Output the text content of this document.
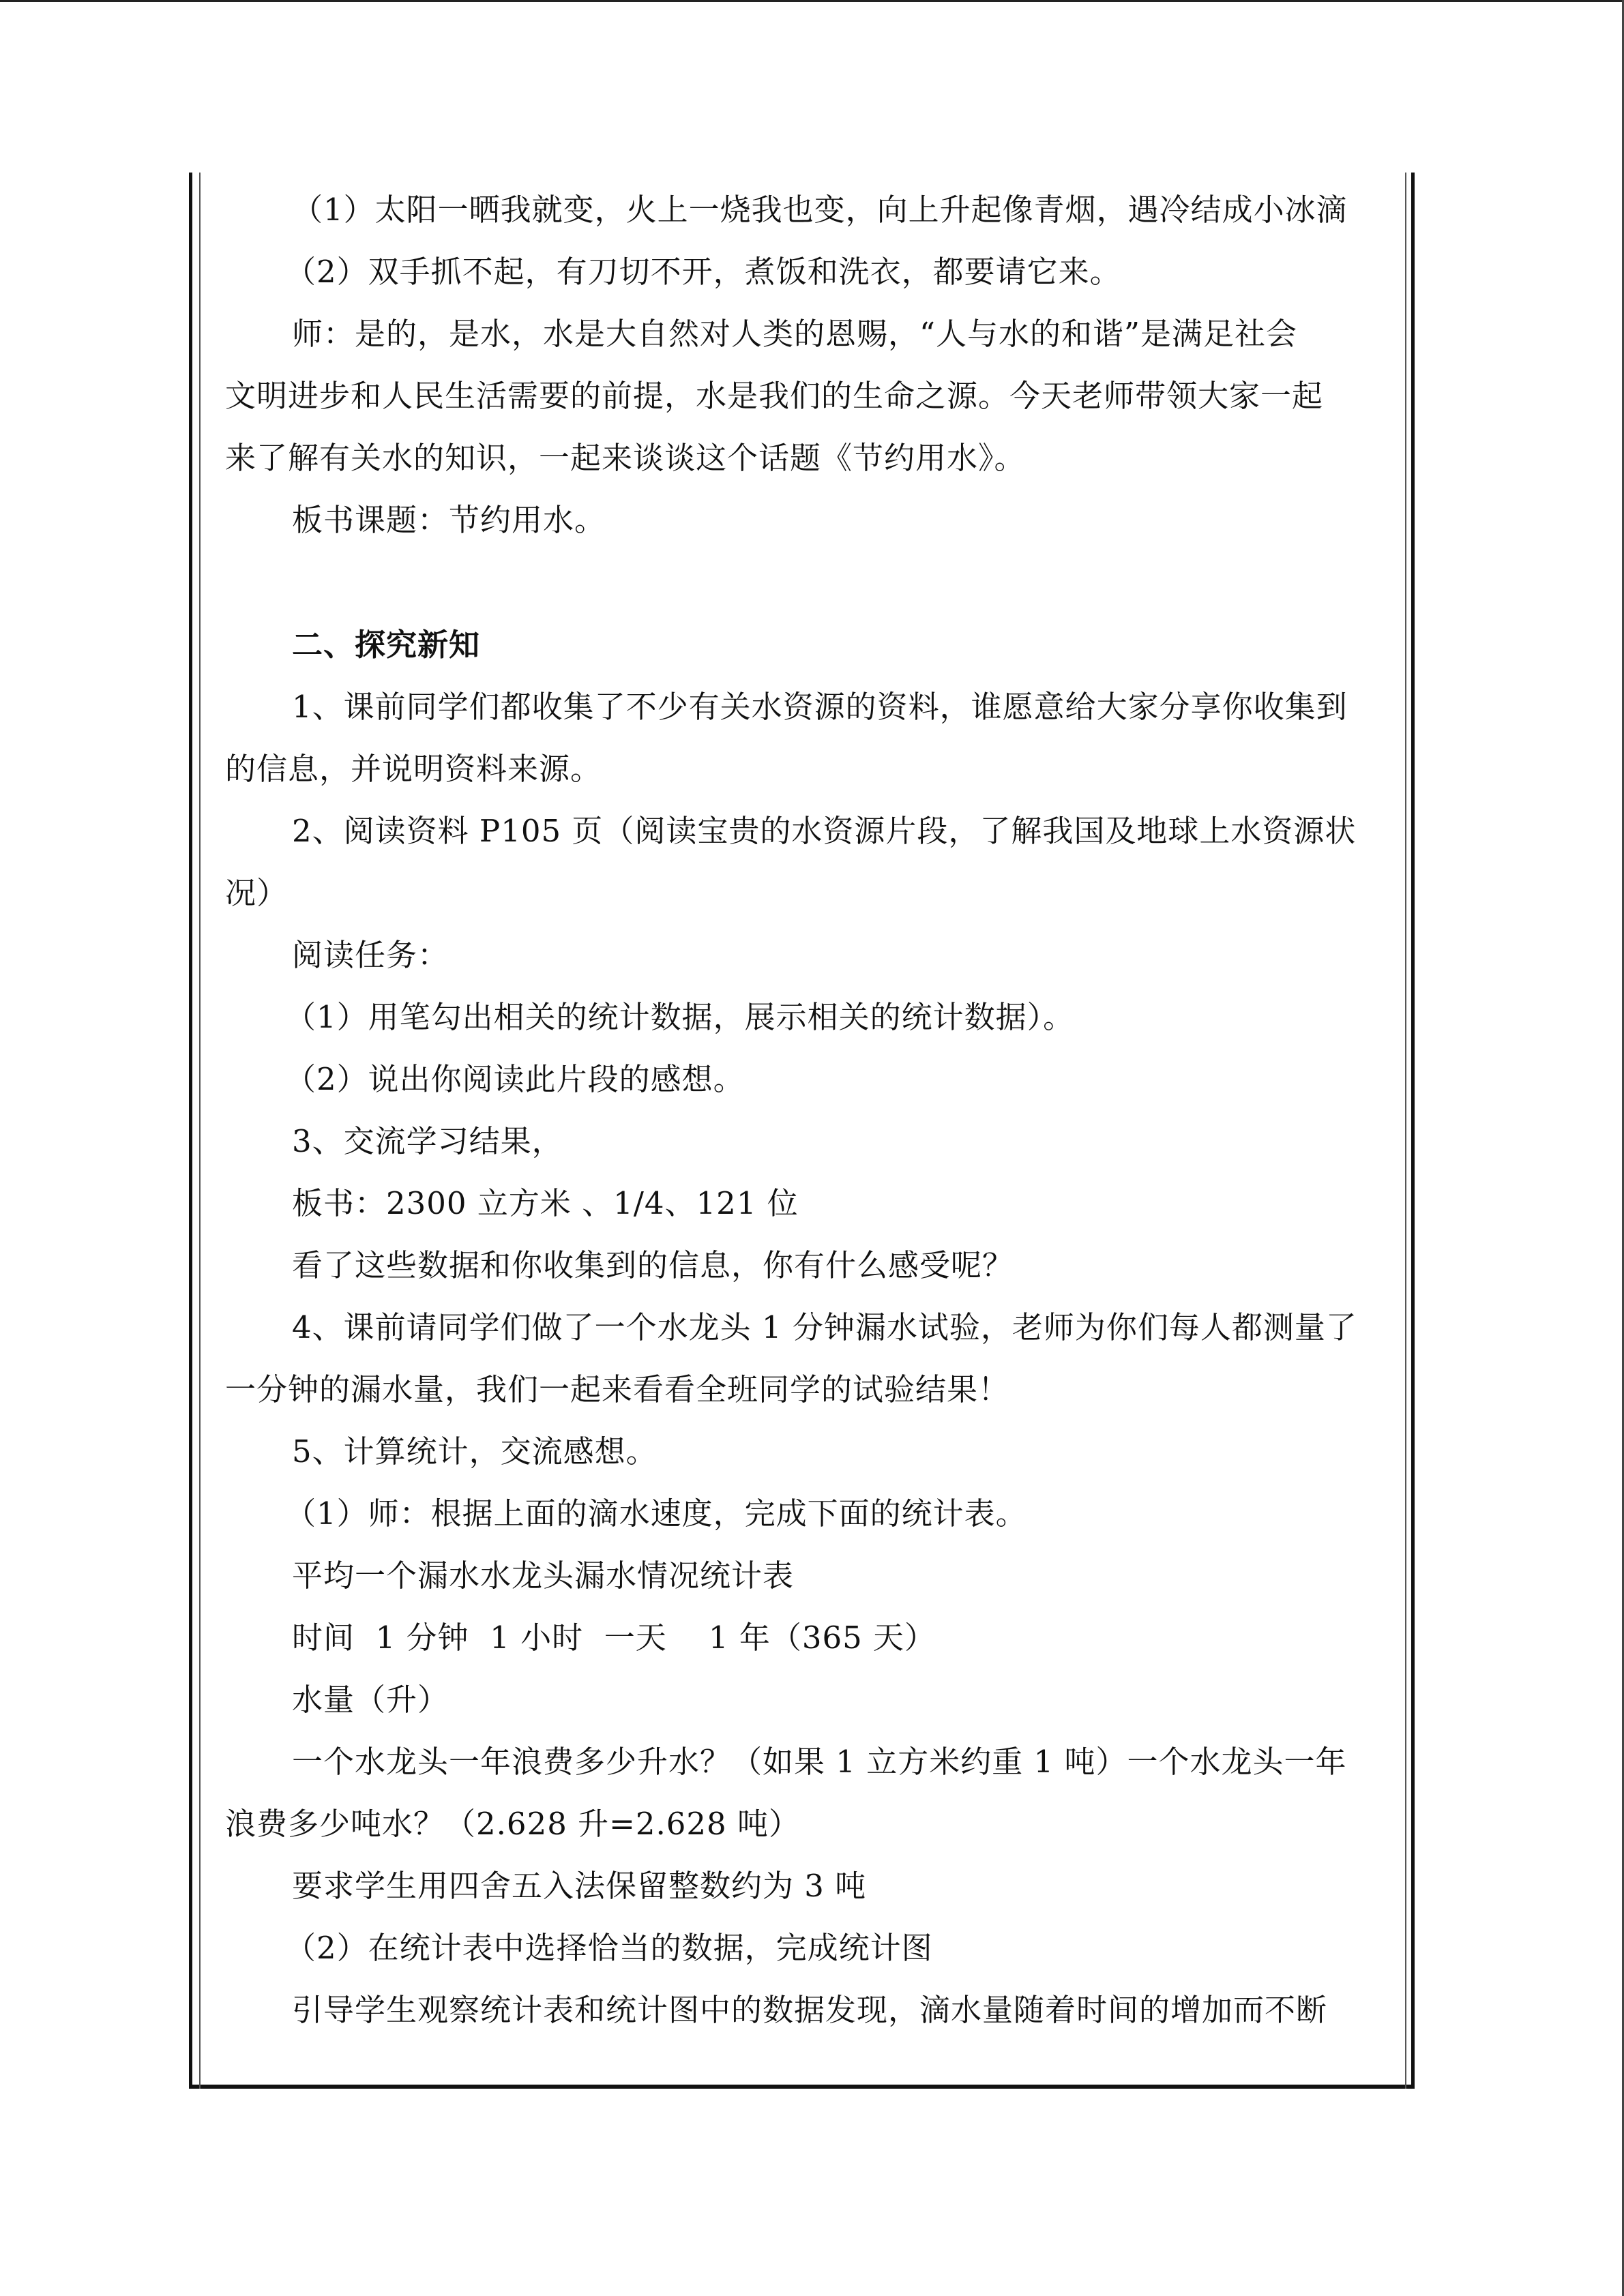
（1）太阳一晒我就变，火上一烧我也变，向上升起像青烟，遇冷结成小冰滴
（2）双手抓不起，有刀切不开，煮饭和洗衣，都要请它来。
师：是的，是水，水是大自然对人类的恩赐，“人与水的和谐”是满足社会
文明进步和人民生活需要的前提，水是我们的生命之源。今天老师带领大家一起
来了解有关水的知识，一起来谈谈这个话题《节约用水》。
板书课题：节约用水。
二、探究新知
1、课前同学们都收集了不少有关水资源的资料，谁愿意给大家分享你收集到
的信息，并说明资料来源。
2、阅读资料 P105 页（阅读宝贵的水资源片段，了解我国及地球上水资源状
况）
阅读任务：
（1）用笔勾出相关的统计数据，展示相关的统计数据）。
（2）说出你阅读此片段的感想。
3、交流学习结果，
板书：2300 立方米 、1/4、121 位
看了这些数据和你收集到的信息，你有什么感受呢？
4、课前请同学们做了一个水龙头 1 分钟漏水试验，老师为你们每人都测量了
一分钟的漏水量，我们一起来看看全班同学的试验结果！
5、计算统计，交流感想。
（1）师：根据上面的滴水速度，完成下面的统计表。
平均一个漏水水龙头漏水情况统计表
时间  1 分钟  1 小时  一天    1 年（365 天）
水量（升）
一个水龙头一年浪费多少升水？（如果 1 立方米约重 1 吨）一个水龙头一年
浪费多少吨水？（2.628 升=2.628 吨）
要求学生用四舍五入法保留整数约为 3 吨
（2）在统计表中选择恰当的数据，完成统计图
引导学生观察统计表和统计图中的数据发现，滴水量随着时间的增加而不断
